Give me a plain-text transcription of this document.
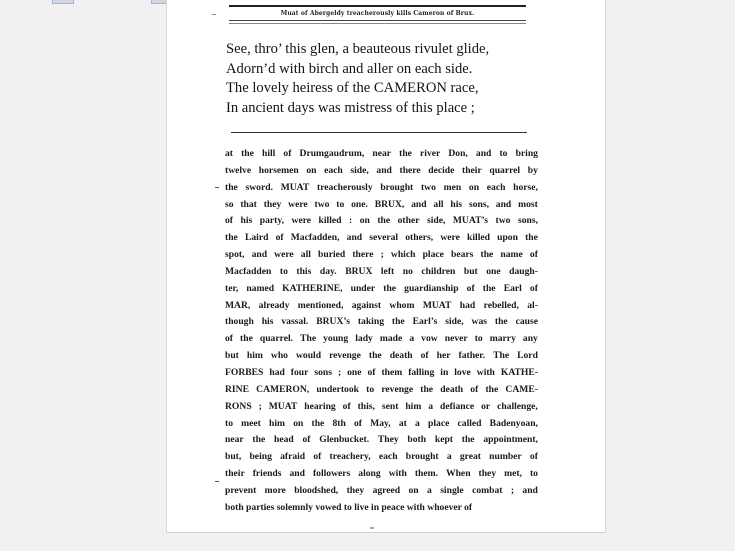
Muat of Abergeldy treacherously kills Cameron of Brux.
See, thro’ this glen, a beauteous rivulet glide,
Adorn’d with birch and aller on each side.
The lovely heiress of the CAMERON race,
In ancient days was mistress of this place ;
at the hill of Drumgaudrum, near the river Don, and to bring
twelve horsemen on each side, and there decide their quarrel by
the sword. MUAT treacherously brought two men on each horse,
so that they were two to one. BRUX, and all his sons, and most
of his party, were killed : on the other side, MUAT’s two sons,
the Laird of Macfadden, and several others, were killed upon the
spot, and were all buried there ; which place bears the name of
Macfadden to this day. BRUX left no children but one daugh-
ter, named KATHERINE, under the guardianship of the Earl of
MAR, already mentioned, against whom MUAT had rebelled, al-
though his vassal. BRUX’s taking the Earl’s side, was the cause
of the quarrel. The young lady made a vow never to marry any
but him who would revenge the death of her father. The Lord
FORBES had four sons ; one of them falling in love with KATHE-
RINE CAMERON, undertook to revenge the death of the CAME-
RONS ; MUAT hearing of this, sent him a defiance or challenge,
to meet him on the 8th of May, at a place called Badenyoan,
near the head of Glenbucket. They both kept the appointment,
but, being afraid of treachery, each brought a great number of
their friends and followers along with them. When they met, to
prevent more bloodshed, they agreed on a single combat ; and
both parties solemnly vowed to live in peace with whoever of
